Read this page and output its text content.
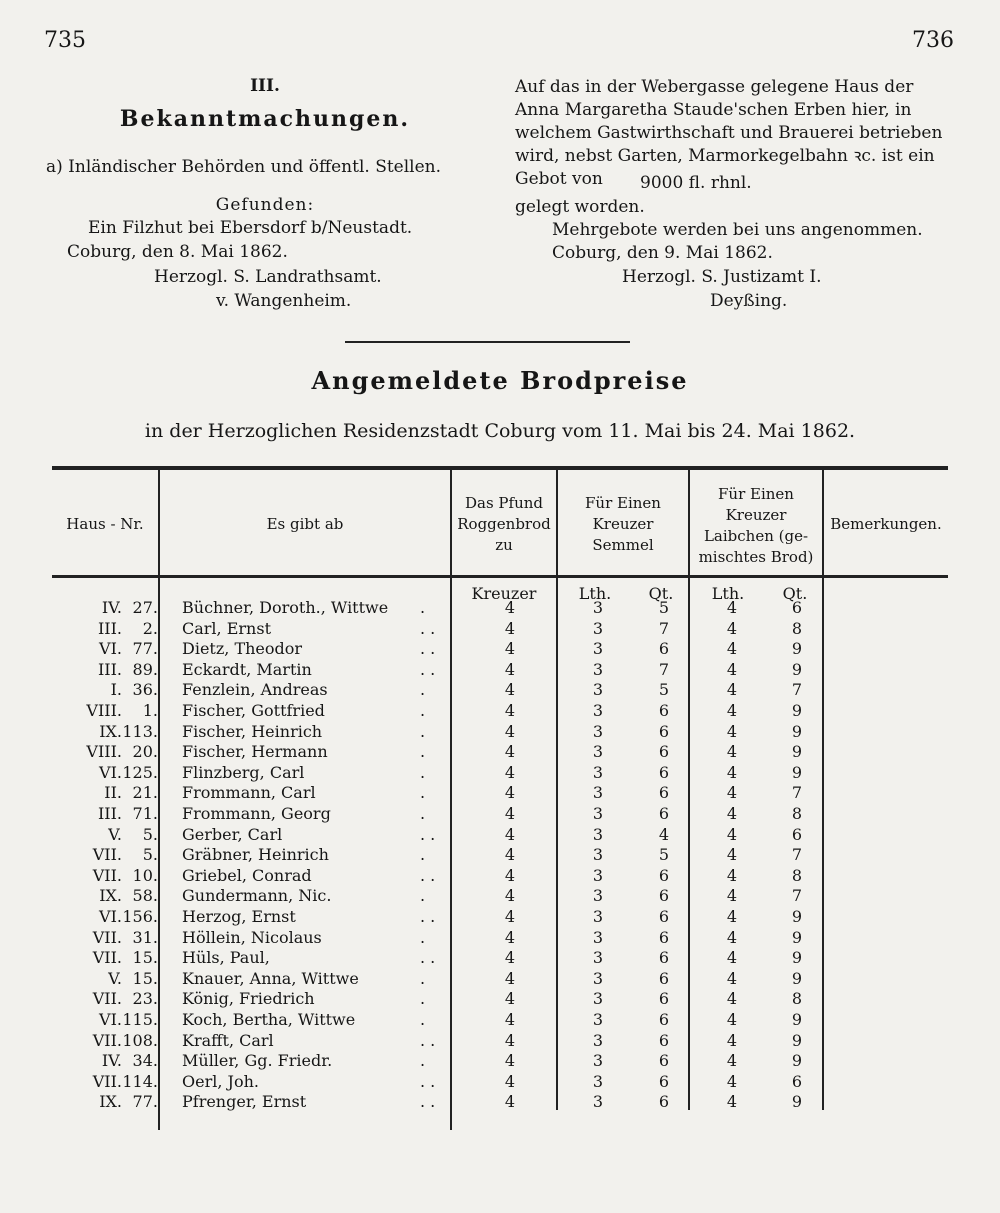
735	736
III.
Bekanntmachungen.
a) Inländischer Behörden und öffentl. Stellen.
Gefunden:
Ein Filzhut bei Ebersdorf b/Neustadt.
Coburg, den 8. Mai 1862.
Herzogl. S. Landrathsamt.
v. Wangenheim.
Auf das in der Webergasse gelegene Haus der
Anna Margaretha Staude'schen Erben hier, in
welchem Gastwirthschaft und Brauerei betrieben
wird, nebst Garten, Marmorkegelbahn ꝛc. ist ein
Gebot von	9000 fl. rhnl.
gelegt worden.
Mehrgebote werden bei uns angenommen.
Coburg, den 9. Mai 1862.
Herzogl. S. Justizamt I.
Deyßing.
Angemeldete Brodpreise
in der Herzoglichen Residenzstadt Coburg vom 11. Mai bis 24. Mai 1862.
Haus - Nr.	Es gibt ab
Das Pfund
Roggenbrod
zu
Für Einen
Kreuzer
Semmel
Für Einen
Kreuzer
Laibchen (ge-
mischtes Brod)
Bemerkungen.
Kreuzer	Lth.	Qt.	Lth.	Qt.
IV. 27. Büchner, Doroth., Wittwe	4	3	5	4	6
.
III.	2. Carl, Ernst	4	3	7	4	8
. .
VI. 77. Dietz, Theodor	4	3	6	4	9
. .
III. 89. Eckardt, Martin	4	3	7	4	9
. .
I. 36. Fenzlein, Andreas	4	3	5	4	7
.
VIII.	1. Fischer, Gottfried	4	3	6	4	9
.
IX. 113. Fischer, Heinrich	4	3	6	4	9
.
VIII. 20. Fischer, Hermann	4	3	6	4	9
.
VI. 125. Flinzberg, Carl	4	3	6	4	9
.
II. 21. Frommann, Carl	4	3	6	4	7
.
III. 71. Frommann, Georg	4	3	6	4	8
.
V.	5. Gerber, Carl	4	3	4	4	6
. .
VII.	5. Gräbner, Heinrich	4	3	5	4	7
.
VII. 10. Griebel, Conrad	4	3	6	4	8
. .
IX. 58. Gundermann, Nic.	4	3	6	4	7
.
VI. 156. Herzog, Ernst	4	3	6	4	9
. .
VII. 31. Höllein, Nicolaus	4	3	6	4	9
.
VII. 15. Hüls, Paul,	4	3	6	4	9
. .
V. 15. Knauer, Anna, Wittwe	4	3	6	4	9
.
VII. 23. König, Friedrich	4	3	6	4	8
.
VI. 115. Koch, Bertha, Wittwe	4	3	6	4	9
.
VII. 108. Krafft, Carl	4	3	6	4	9
. .
IV. 34. Müller, Gg. Friedr.	4	3	6	4	9
.
VII. 114. Oerl, Joh.	4	3	6	4	6
. .
IX. 77. Pfrenger, Ernst	4	3	6	4	9
. .
